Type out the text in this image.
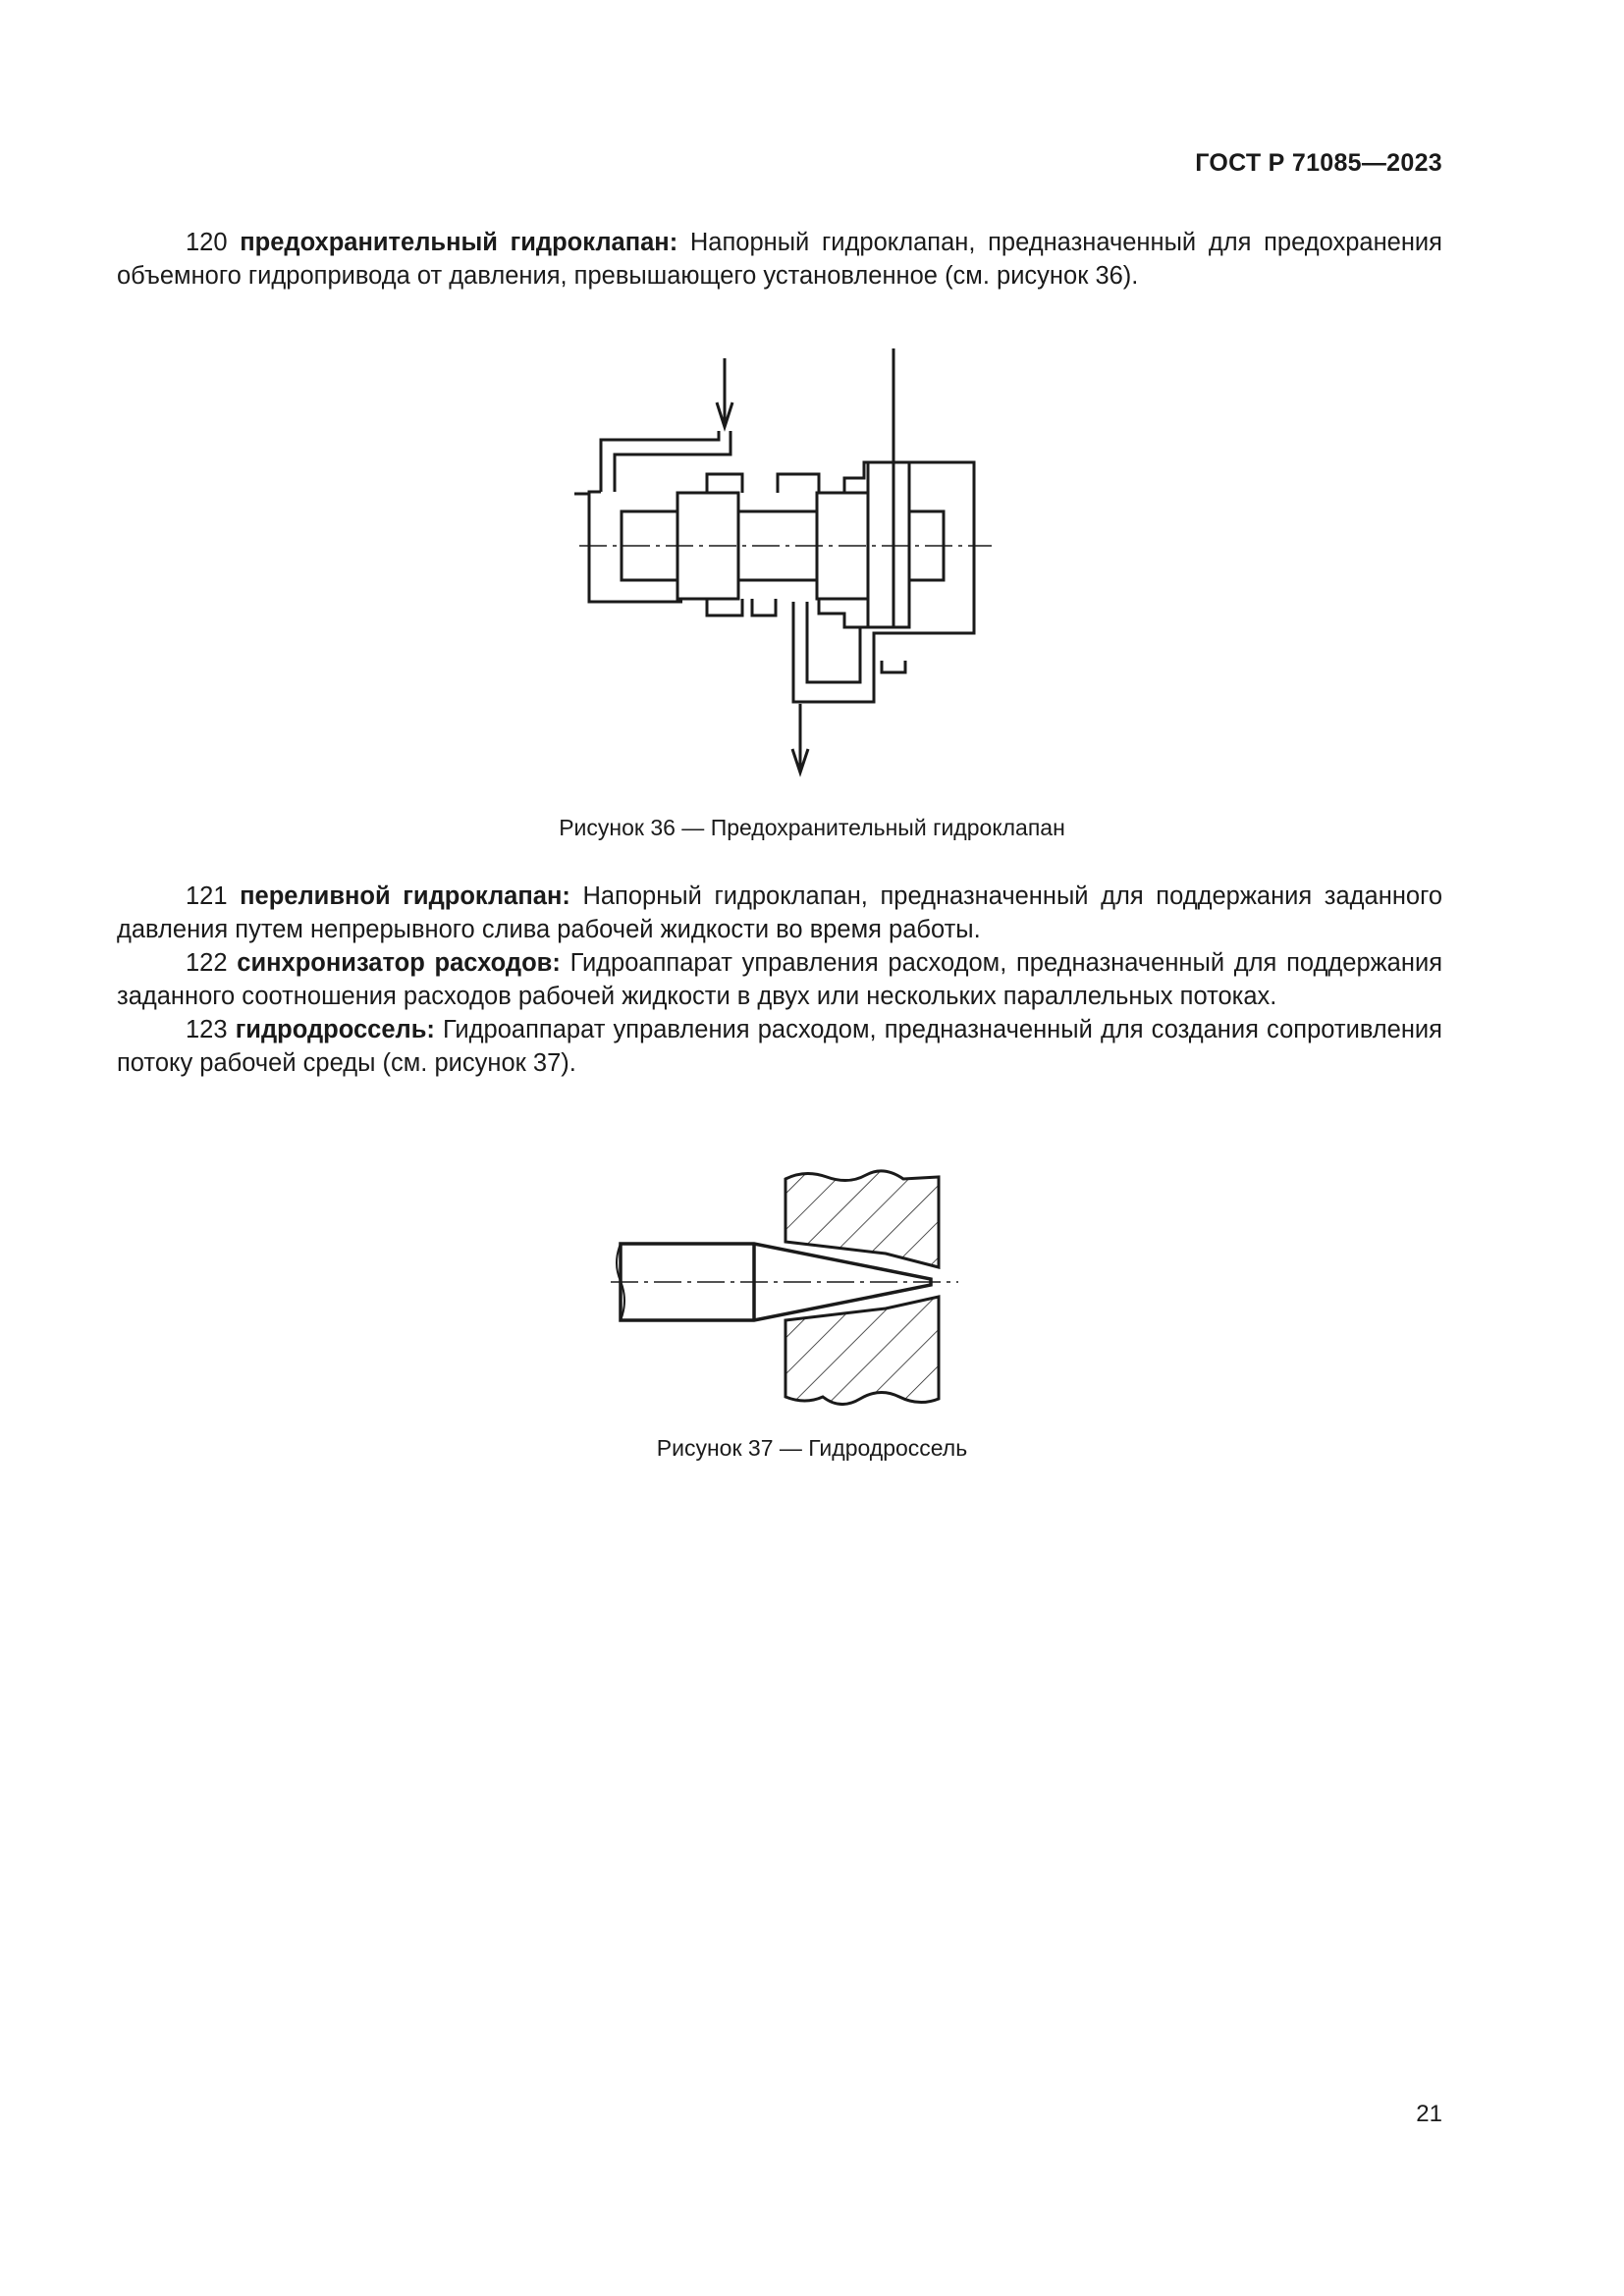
ГОСТ Р 71085—2023

120 предохранительный гидроклапан: Напорный гидроклапан, предназначенный для предохранения объемного гидропривода от давления, превышающего установленное (см. рисунок 36).

Рисунок 36 — Предохранительный гидроклапан

121 переливной гидроклапан: Напорный гидроклапан, предназначенный для поддержания заданного давления путем непрерывного слива рабочей жидкости во время работы.

122 синхронизатор расходов: Гидроаппарат управления расходом, предназначенный для поддержания заданного соотношения расходов рабочей жидкости в двух или нескольких параллельных потоках.

123 гидродроссель: Гидроаппарат управления расходом, предназначенный для создания сопротивления потоку рабочей среды (см. рисунок 37).

Рисунок 37 — Гидродроссель
21
